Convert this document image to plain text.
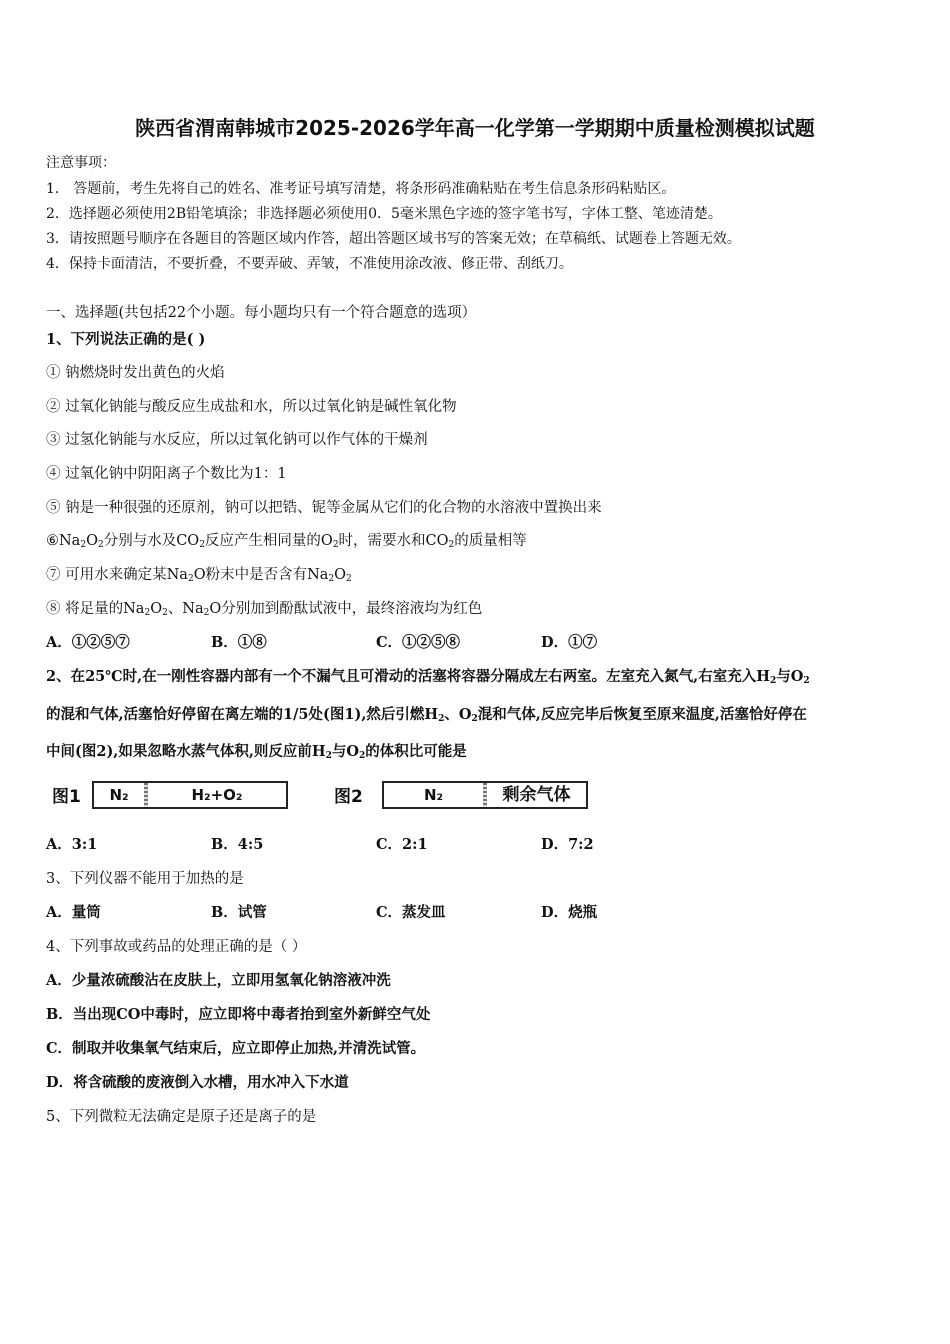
陕西省渭南韩城市2025-2026学年高一化学第一学期期中质量检测模拟试题
注意事项：
1． 答题前，考生先将自己的姓名、准考证号填写清楚，将条形码准确粘贴在考生信息条形码粘贴区。
2．选择题必须使用2B铅笔填涂；非选择题必须使用0．5毫米黑色字迹的签字笔书写，字体工整、笔迹清楚。
3．请按照题号顺序在各题目的答题区域内作答，超出答题区域书写的答案无效；在草稿纸、试题卷上答题无效。
4．保持卡面清洁，不要折叠，不要弄破、弄皱，不准使用涂改液、修正带、刮纸刀。
一、选择题(共包括22个小题。每小题均只有一个符合题意的选项）
1、下列说法正确的是( )
① 钠燃烧时发出黄色的火焰
② 过氧化钠能与酸反应生成盐和水，所以过氧化钠是碱性氧化物
③ 过氢化钠能与水反应，所以过氧化钠可以作气体的干燥剂
④ 过氧化钠中阴阳离子个数比为1：1
⑤ 钠是一种很强的还原剂，钠可以把锆、铌等金属从它们的化合物的水溶液中置换出来
$⑥Na_2O_2$分别与水及$CO_2$反应产生相同量的$O_2$时，需要水和$CO_2$的质量相等
⑦ 可用水来确定某$Na_2O$粉末中是否含有$Na_2O_2$
⑧ 将足量的$Na_2O_2$、$Na_2O$分别加到酚酞试液中，最终溶液均为红色
A．①②⑤⑦	B．①⑧	C．①②⑤⑧	D．①⑦
2、在25℃时,在一刚性容器内部有一个不漏气且可滑动的活塞将容器分隔成左右两室。左室充入氮气,右室充入$H_2$与$O_2$
的混和气体,活塞恰好停留在离左端的1/5处(图1),然后引燃$H_2$、$O_2$混和气体,反应完毕后恢复至原来温度,活塞恰好停在
中间(图2),如果忽略水蒸气体积,则反应前$H_2$与$O_2$的体积比可能是
图1	N₂	H₂+O₂	图2	N₂	剩余气体
A．3:1	B．4:5	C．2:1	D．7:2
3、下列仪器不能用于加热的是
A．量筒	B．试管	C．蒸发皿	D．烧瓶
4、下列事故或药品的处理正确的是（ ）
A．少量浓硫酸沾在皮肤上，立即用氢氧化钠溶液冲洗
B．当出现CO中毒时，应立即将中毒者抬到室外新鲜空气处
C．制取并收集氧气结束后，应立即停止加热,并清洗试管。
D．将含硫酸的废液倒入水槽，用水冲入下水道
5、下列微粒无法确定是原子还是离子的是
